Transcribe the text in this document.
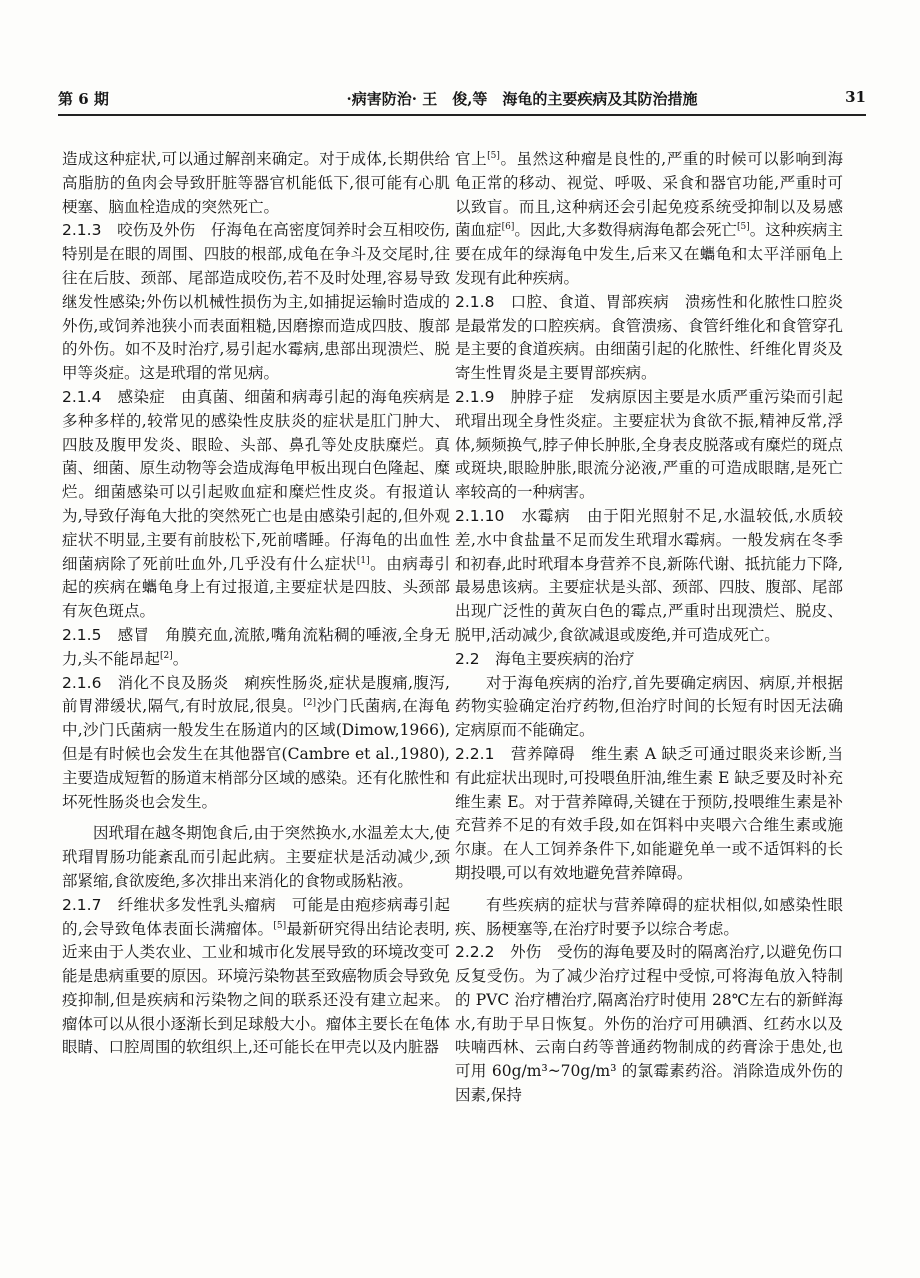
第 6 期	·病害防治· 王　俊,等　海龟的主要疾病及其防治措施	31

造成这种症状,可以通过解剖来确定。对于成体,长期供给高脂肪的鱼肉会导致肝脏等器官机能低下,很可能有心肌梗塞、脑血栓造成的突然死亡。

2.1.3　咬伤及外伤　仔海龟在高密度饲养时会互相咬伤,特别是在眼的周围、四肢的根部,成龟在争斗及交尾时,往往在后肢、颈部、尾部造成咬伤,若不及时处理,容易导致继发性感染;外伤以机械性损伤为主,如捕捉运输时造成的外伤,或饲养池狭小而表面粗糙,因磨擦而造成四肢、腹部的外伤。如不及时治疗,易引起水霉病,患部出现溃烂、脱甲等炎症。这是玳瑁的常见病。

2.1.4　感染症　由真菌、细菌和病毒引起的海龟疾病是多种多样的,较常见的感染性皮肤炎的症状是肛门肿大、四肢及腹甲发炎、眼睑、头部、鼻孔等处皮肤糜烂。真菌、细菌、原生动物等会造成海龟甲板出现白色隆起、糜烂。细菌感染可以引起败血症和糜烂性皮炎。有报道认为,导致仔海龟大批的突然死亡也是由感染引起的,但外观症状不明显,主要有前肢松下,死前嗜睡。仔海龟的出血性细菌病除了死前吐血外,几乎没有什么症状[1]。由病毒引起的疾病在蠵龟身上有过报道,主要症状是四肢、头颈部有灰色斑点。

2.1.5　感冒　角膜充血,流脓,嘴角流粘稠的唾液,全身无力,头不能昂起[2]。

2.1.6　消化不良及肠炎　痢疾性肠炎,症状是腹痛,腹泻,前胃滞缓状,隔气,有时放屁,很臭。[2]沙门氏菌病,在海龟中,沙门氏菌病一般发生在肠道内的区域(Dimow,1966),但是有时候也会发生在其他器官(Cambre et al.,1980),主要造成短暂的肠道末梢部分区域的感染。还有化脓性和坏死性肠炎也会发生。

因玳瑁在越冬期饱食后,由于突然换水,水温差太大,使玳瑁胃肠功能紊乱而引起此病。主要症状是活动减少,颈部紧缩,食欲废绝,多次排出来消化的食物或肠粘液。

2.1.7　纤维状多发性乳头瘤病　可能是由疱疹病毒引起的,会导致龟体表面长满瘤体。[5]最新研究得出结论表明,近来由于人类农业、工业和城市化发展导致的环境改变可能是患病重要的原因。环境污染物甚至致癌物质会导致免疫抑制,但是疾病和污染物之间的联系还没有建立起来。瘤体可以从很小逐渐长到足球般大小。瘤体主要长在龟体眼睛、口腔周围的软组织上,还可能长在甲壳以及内脏器

官上[5]。虽然这种瘤是良性的,严重的时候可以影响到海龟正常的移动、视觉、呼吸、采食和器官功能,严重时可以致盲。而且,这种病还会引起免疫系统受抑制以及易感菌血症[6]。因此,大多数得病海龟都会死亡[5]。这种疾病主要在成年的绿海龟中发生,后来又在蠵龟和太平洋丽龟上发现有此种疾病。

2.1.8　口腔、食道、胃部疾病　溃疡性和化脓性口腔炎是最常发的口腔疾病。食管溃疡、食管纤维化和食管穿孔是主要的食道疾病。由细菌引起的化脓性、纤维化胃炎及寄生性胃炎是主要胃部疾病。

2.1.9　肿脖子症　发病原因主要是水质严重污染而引起玳瑁出现全身性炎症。主要症状为食欲不振,精神反常,浮体,频频换气,脖子伸长肿胀,全身表皮脱落或有糜烂的斑点或斑块,眼睑肿胀,眼流分泌液,严重的可造成眼瞎,是死亡率较高的一种病害。

2.1.10　水霉病　由于阳光照射不足,水温较低,水质较差,水中食盐量不足而发生玳瑁水霉病。一般发病在冬季和初春,此时玳瑁本身营养不良,新陈代谢、抵抗能力下降,最易患该病。主要症状是头部、颈部、四肢、腹部、尾部出现广泛性的黄灰白色的霉点,严重时出现溃烂、脱皮、脱甲,活动减少,食欲减退或废绝,并可造成死亡。

2.2　海龟主要疾病的治疗

对于海龟疾病的治疗,首先要确定病因、病原,并根据药物实验确定治疗药物,但治疗时间的长短有时因无法确定病原而不能确定。

2.2.1　营养障碍　维生素 A 缺乏可通过眼炎来诊断,当有此症状出现时,可投喂鱼肝油,维生素 E 缺乏要及时补充维生素 E。对于营养障碍,关键在于预防,投喂维生素是补充营养不足的有效手段,如在饵料中夹喂六合维生素或施尔康。在人工饲养条件下,如能避免单一或不适饵料的长期投喂,可以有效地避免营养障碍。

有些疾病的症状与营养障碍的症状相似,如感染性眼疾、肠梗塞等,在治疗时要予以综合考虑。

2.2.2　外伤　受伤的海龟要及时的隔离治疗,以避免伤口反复受伤。为了减少治疗过程中受惊,可将海龟放入特制的 PVC 治疗槽治疗,隔离治疗时使用 28℃左右的新鲜海水,有助于早日恢复。外伤的治疗可用碘酒、红药水以及呋喃西林、云南白药等普通药物制成的药膏涂于患处,也可用 60g/m³~70g/m³ 的氯霉素药浴。消除造成外伤的因素,保持
